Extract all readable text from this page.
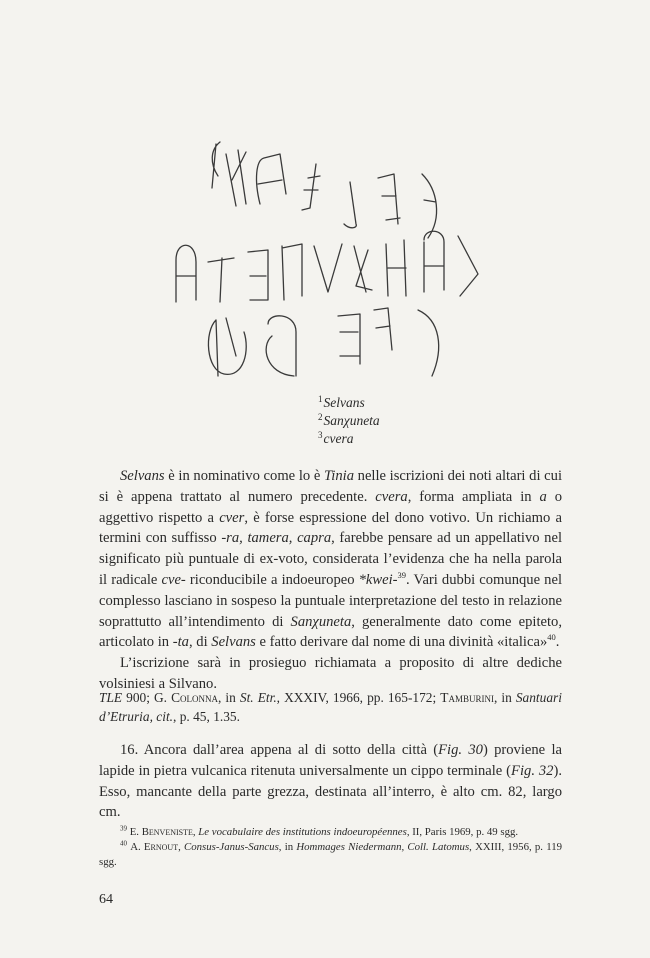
$^1$Selvans
$^2$Sanχuneta
$^3$cvera

Selvans è in nominativo come lo è Tinia nelle iscrizioni dei noti altari di cui si è appena trattato al numero precedente. cvera, forma ampliata in a o aggettivo rispetto a cver, è forse espressione del dono votivo. Un richiamo a termini con suffisso -ra, tamera, capra, farebbe pensare ad un appellativo nel significato più puntuale di ex-voto, considerata l’evidenza che ha nella parola il radicale cve- riconducibile a indoeuropeo *kwei-$^{39}$. Vari dubbi comunque nel complesso lasciano in sospeso la puntuale interpretazione del testo in relazione soprattutto all’intendimento di Sanχuneta, generalmente dato come epiteto, articolato in -ta, di Selvans e fatto derivare dal nome di una divinità «italica»$^{40}$.

L’iscrizione sarà in prosieguo richiamata a proposito di altre dediche volsiniesi a Silvano.

TLE 900; G. Colonna, in St. Etr., XXXIV, 1966, pp. 165-172; Tamburini, in Santuari d’Etruria, cit., p. 45, 1.35.

16. Ancora dall’area appena al di sotto della città (Fig. 30) proviene la lapide in pietra vulcanica ritenuta universalmente un cippo terminale (Fig. 32). Esso, mancante della parte grezza, destinata all’interro, è alto cm. 82, largo cm.

$^{39}$ E. Benveniste, Le vocabulaire des institutions indoeuropéennes, II, Paris 1969, p. 49 sgg.

$^{40}$ A. Ernout, Consus-Janus-Sancus, in Hommages Niedermann, Coll. Latomus, XXIII, 1956, p. 119 sgg.

64
